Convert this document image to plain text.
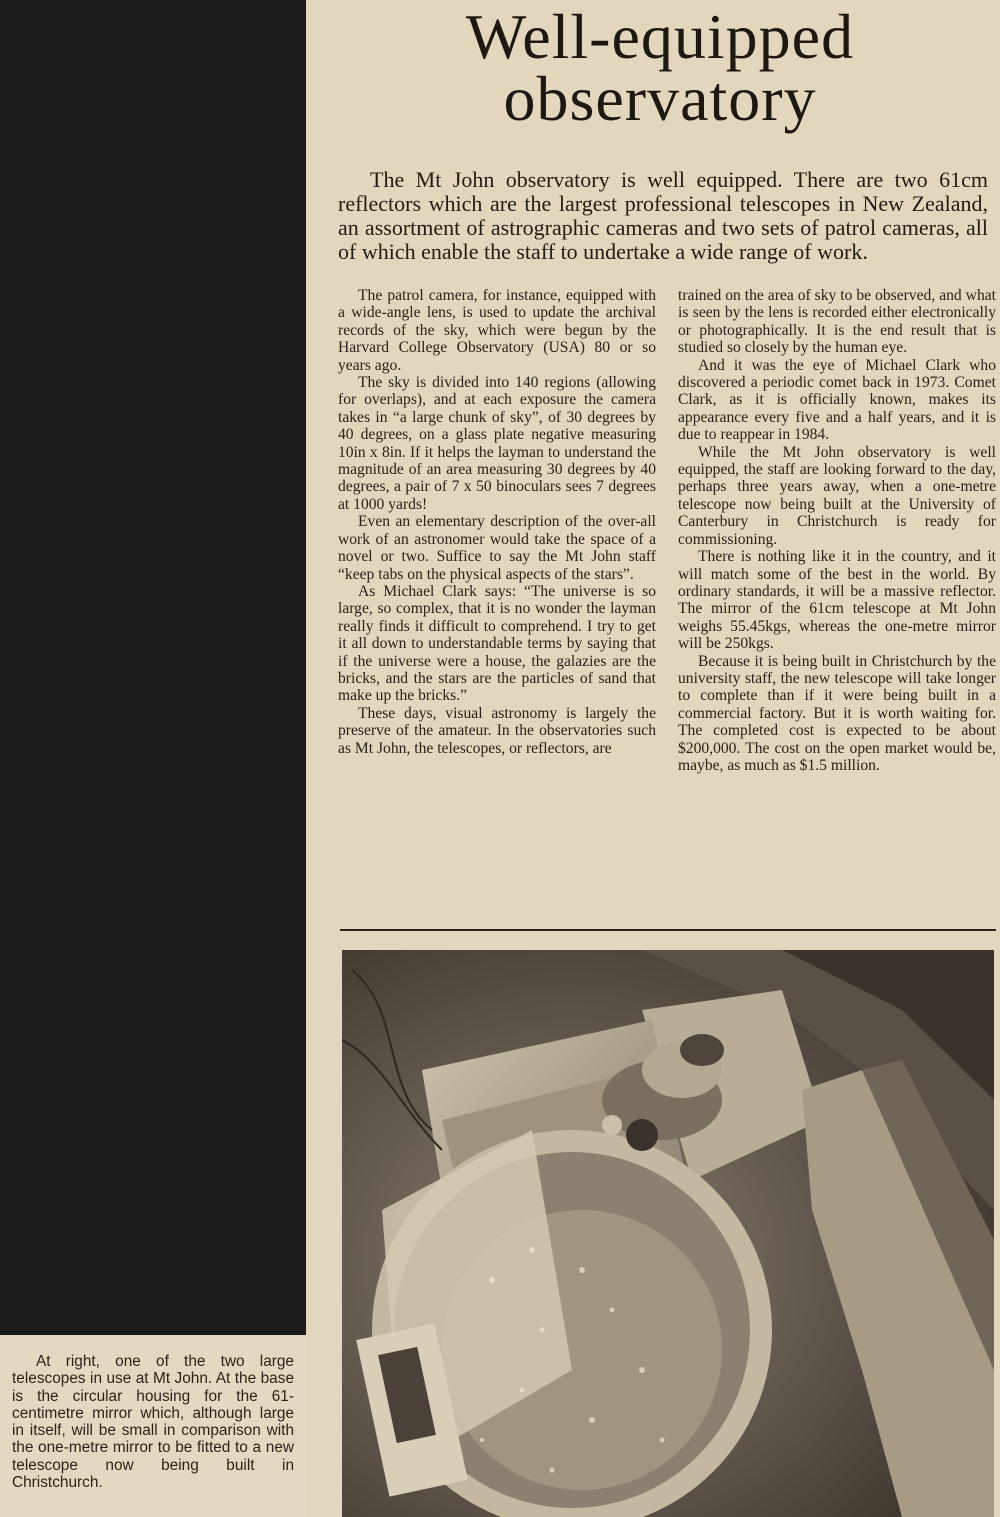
Well-equipped observatory

The Mt John observatory is well equipped. There are two 61cm reflectors which are the largest professional telescopes in New Zealand, an assortment of astrographic cameras and two sets of patrol cameras, all of which enable the staff to undertake a wide range of work.

The patrol camera, for instance, equipped with a wide-angle lens, is used to update the archival records of the sky, which were begun by the Harvard College Observatory (USA) 80 or so years ago.

The sky is divided into 140 regions (allowing for overlaps), and at each exposure the camera takes in “a large chunk of sky”, of 30 degrees by 40 degrees, on a glass plate negative measuring 10in x 8in. If it helps the layman to understand the magnitude of an area measuring 30 degrees by 40 degrees, a pair of 7 x 50 binoculars sees 7 degrees at 1000 yards!

Even an elementary description of the over-all work of an astronomer would take the space of a novel or two. Suffice to say the Mt John staff “keep tabs on the physical aspects of the stars”.

As Michael Clark says: “The universe is so large, so complex, that it is no wonder the layman really finds it difficult to comprehend. I try to get it all down to understandable terms by saying that if the universe were a house, the galazies are the bricks, and the stars are the particles of sand that make up the bricks.”

These days, visual astronomy is largely the preserve of the amateur. In the observatories such as Mt John, the telescopes, or reflectors, are

trained on the area of sky to be observed, and what is seen by the lens is recorded either electronically or photographically. It is the end result that is studied so closely by the human eye.

And it was the eye of Michael Clark who discovered a periodic comet back in 1973. Comet Clark, as it is officially known, makes its appearance every five and a half years, and it is due to reappear in 1984.

While the Mt John observatory is well equipped, the staff are looking forward to the day, perhaps three years away, when a one-metre telescope now being built at the University of Canterbury in Christchurch is ready for commissioning.

There is nothing like it in the country, and it will match some of the best in the world. By ordinary standards, it will be a massive reflector. The mirror of the 61cm telescope at Mt John weighs 55.45kgs, whereas the one-metre mirror will be 250kgs.

Because it is being built in Christchurch by the university staff, the new telescope will take longer to complete than if it were being built in a commercial factory. But it is worth waiting for. The completed cost is expected to be about $200,000. The cost on the open market would be, maybe, as much as $1.5 million.

At right, one of the two large telescopes in use at Mt John. At the base is the circular housing for the 61-centimetre mirror which, although large in itself, will be small in comparison with the one-metre mirror to be fitted to a new telescope now being built in Christchurch.
